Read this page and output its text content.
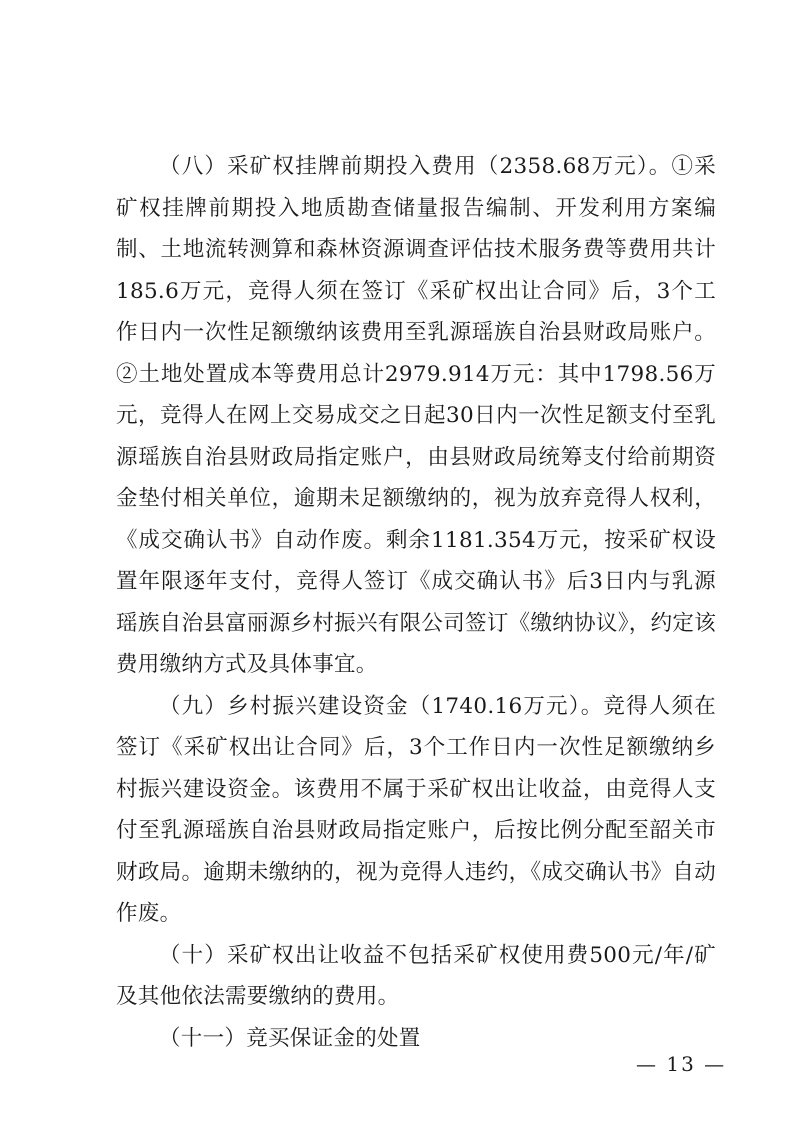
（八）采矿权挂牌前期投入费用（2358.68万元）。①采矿权挂牌前期投入地质勘查储量报告编制、开发利用方案编制、土地流转测算和森林资源调查评估技术服务费等费用共计185.6万元，竞得人须在签订《采矿权出让合同》后，3个工作日内一次性足额缴纳该费用至乳源瑶族自治县财政局账户。②土地处置成本等费用总计2979.914万元：其中1798.56万元，竞得人在网上交易成交之日起30日内一次性足额支付至乳源瑶族自治县财政局指定账户，由县财政局统筹支付给前期资金垫付相关单位，逾期未足额缴纳的，视为放弃竞得人权利，《成交确认书》自动作废。剩余1181.354万元，按采矿权设置年限逐年支付，竞得人签订《成交确认书》后3日内与乳源瑶族自治县富丽源乡村振兴有限公司签订《缴纳协议》，约定该费用缴纳方式及具体事宜。

（九）乡村振兴建设资金（1740.16万元）。竞得人须在签订《采矿权出让合同》后，3个工作日内一次性足额缴纳乡村振兴建设资金。该费用不属于采矿权出让收益，由竞得人支付至乳源瑶族自治县财政局指定账户，后按比例分配至韶关市财政局。逾期未缴纳的，视为竞得人违约，《成交确认书》自动作废。

（十）采矿权出让收益不包括采矿权使用费500元/年/矿及其他依法需要缴纳的费用。

（十一）竞买保证金的处置

— 13 —
